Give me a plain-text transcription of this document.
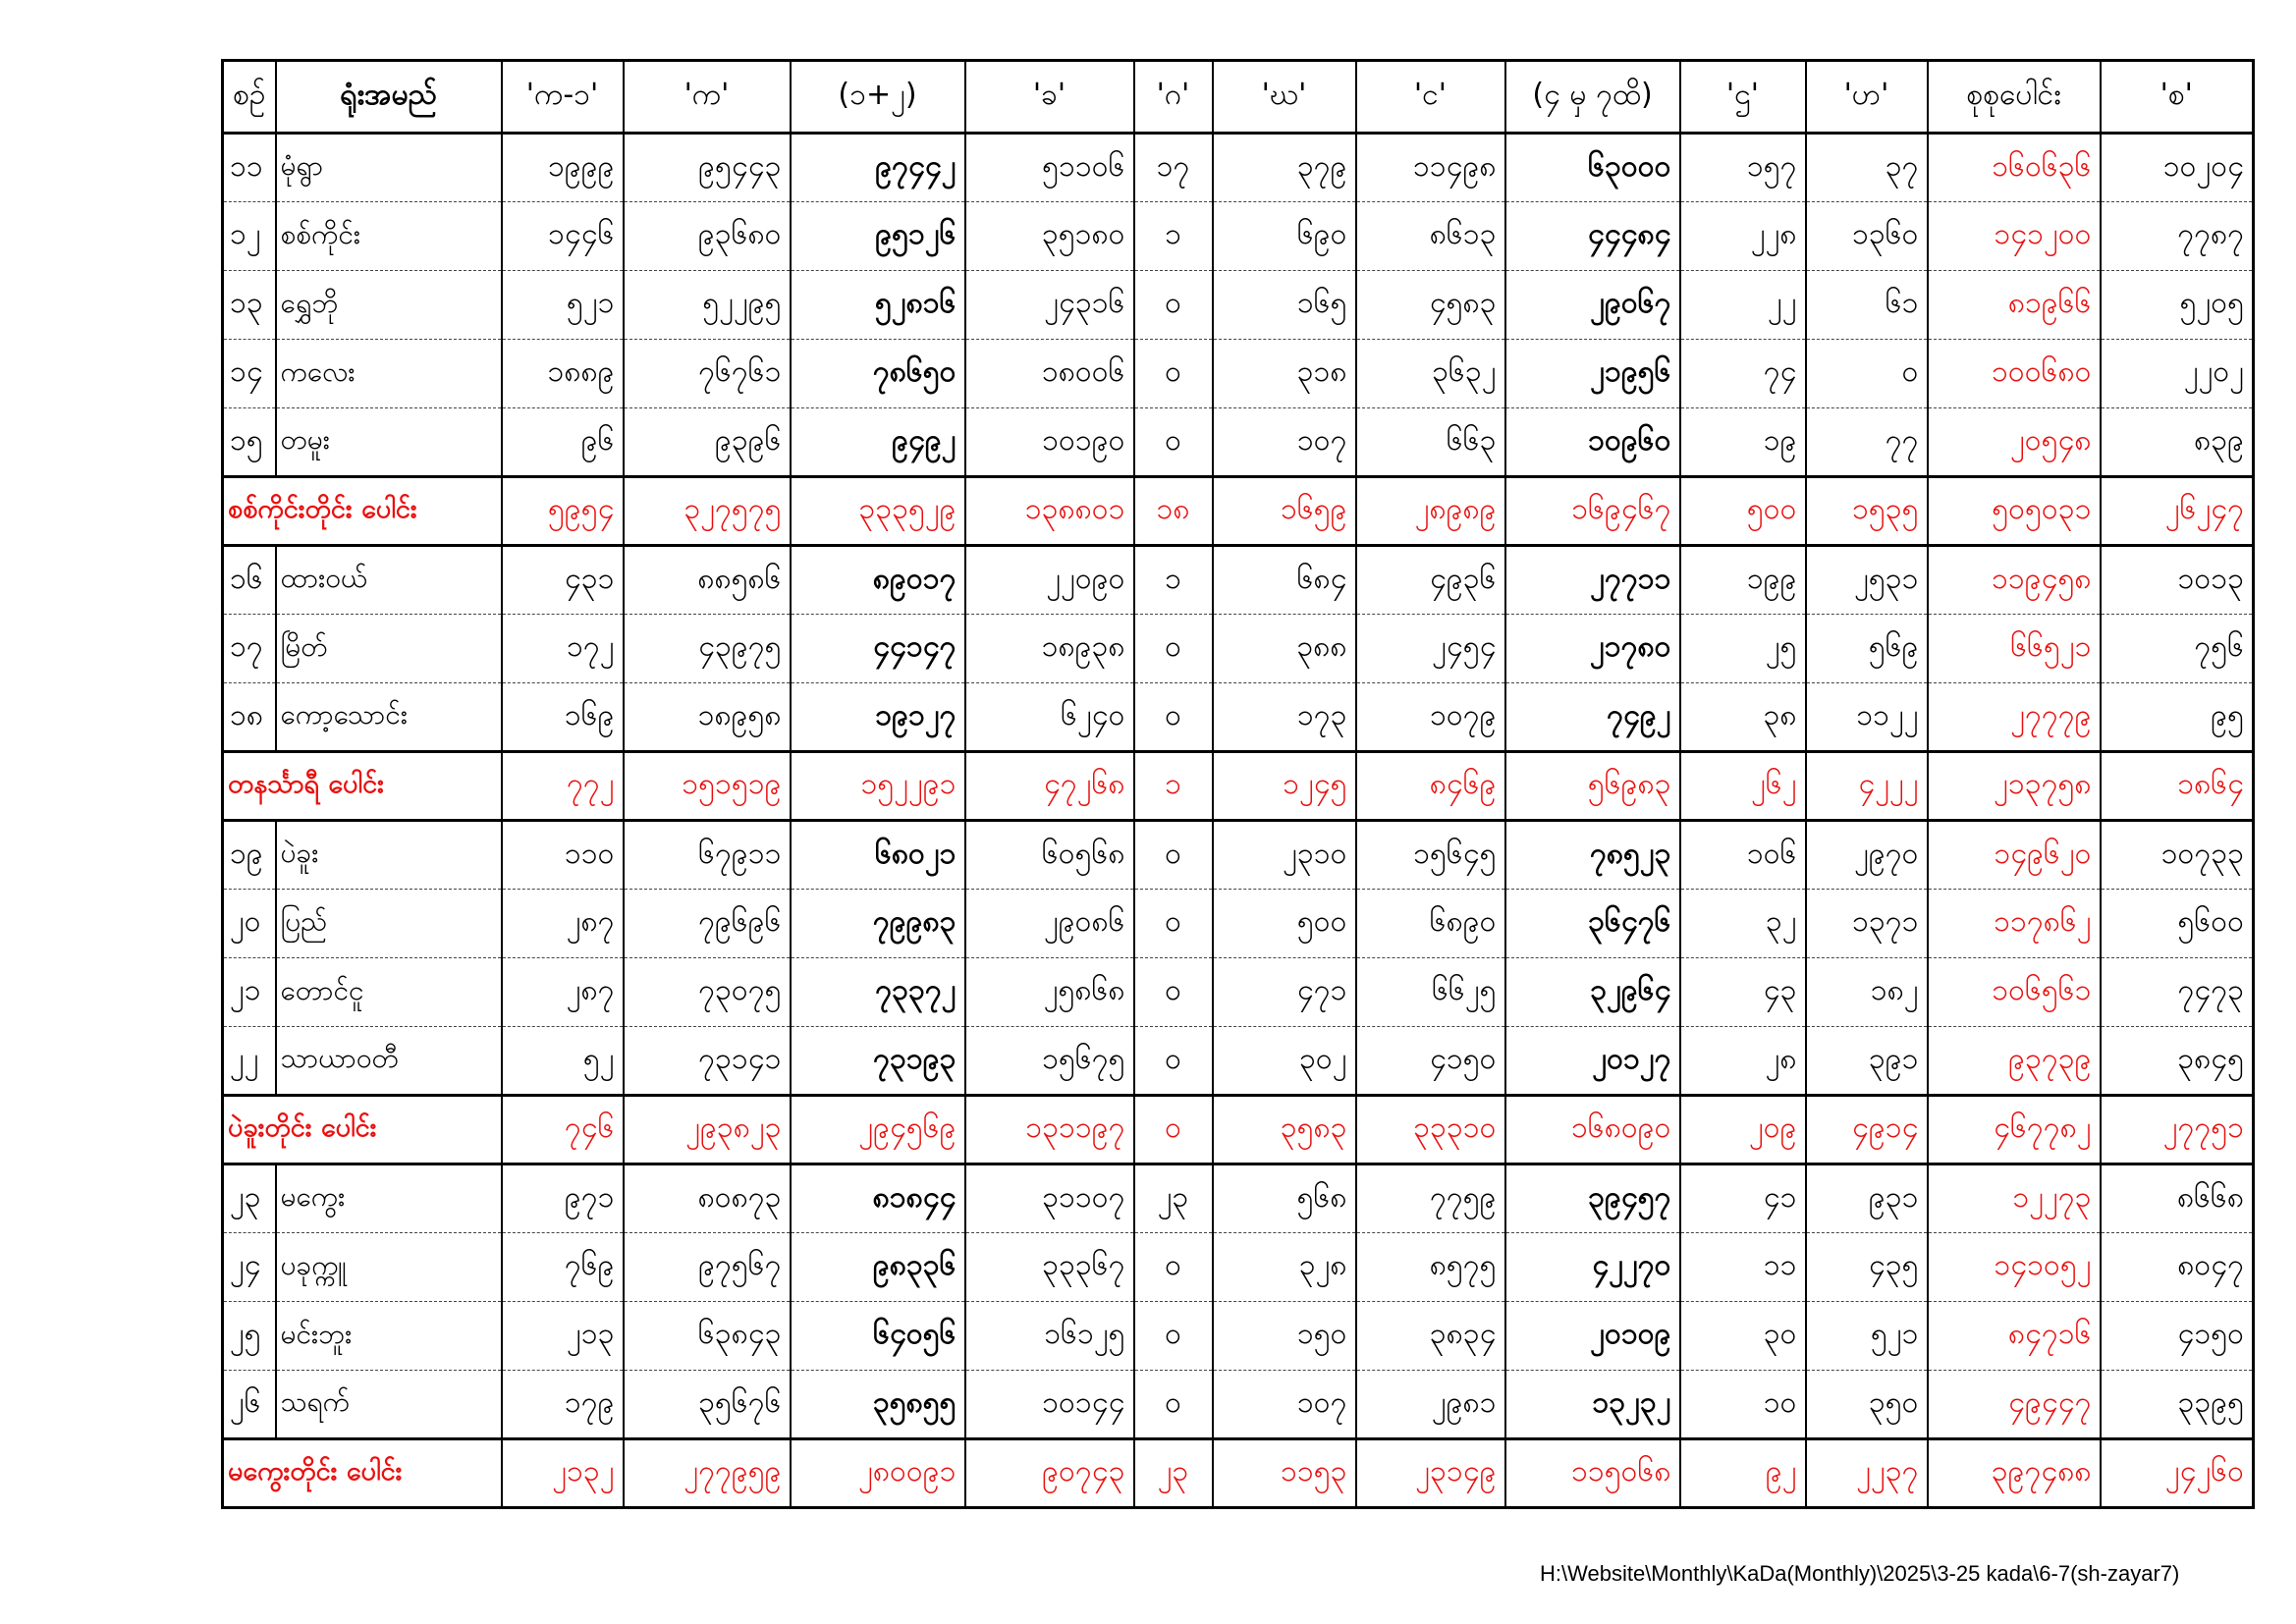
စဉ်	ရုံးအမည်	'က-၁'	'က'	(၁+၂)	'ခ'	'ဂ'	'ဃ'	'င'	(၄ မှ ၇ထိ)	'ဌ'	'ဟ'	စုစုပေါင်း	'စ'
၁၁	မုံရွာ	၁၉၉၉	၉၅၄၄၃	၉၇၄၄၂	၅၁၁၀၆	၁၇	၃၇၉	၁၁၄၉၈	၆၃၀၀၀	၁၅၇	၃၇	၁၆၀၆၃၆	၁၀၂၀၄
၁၂	စစ်ကိုင်း	၁၄၄၆	၉၃၆၈၀	၉၅၁၂၆	၃၅၁၈၀	၁	၆၉၀	၈၆၁၃	၄၄၄၈၄	၂၂၈	၁၃၆၀	၁၄၁၂၀၀	၇၇၈၇
၁၃	ရွှေဘို	၅၂၁	၅၂၂၉၅	၅၂၈၁၆	၂၄၃၁၆	၀	၁၆၅	၄၅၈၃	၂၉၀၆၇	၂၂	၆၁	၈၁၉၆၆	၅၂၀၅
၁၄	ကလေး	၁၈၈၉	၇၆၇၆၁	၇၈၆၅၀	၁၈၀၀၆	၀	၃၁၈	၃၆၃၂	၂၁၉၅၆	၇၄	၀	၁၀၀၆၈၀	၂၂၀၂
၁၅	တမူး	၉၆	၉၃၉၆	၉၄၉၂	၁၀၁၉၀	၀	၁၀၇	၆၆၃	၁၀၉၆၀	၁၉	၇၇	၂၀၅၄၈	၈၃၉
စစ်ကိုင်းတိုင်း ပေါင်း		၅၉၅၄	၃၂၇၅၇၅	၃၃၃၅၂၉	၁၃၈၈၀၁	၁၈	၁၆၅၉	၂၈၉၈၉	၁၆၉၄၆၇	၅၀၀	၁၅၃၅	၅၀၅၀၃၁	၂၆၂၄၇
၁၆	ထားဝယ်	၄၃၁	၈၈၅၈၆	၈၉၀၁၇	၂၂၀၉၀	၁	၆၈၄	၄၉၃၆	၂၇၇၁၁	၁၉၉	၂၅၃၁	၁၁၉၄၅၈	၁၀၁၃
၁၇	မြိတ်	၁၇၂	၄၃၉၇၅	၄၄၁၄၇	၁၈၉၃၈	၀	၃၈၈	၂၄၅၄	၂၁၇၈၀	၂၅	၅၆၉	၆၆၅၂၁	၇၅၆
၁၈	ကော့သောင်း	၁၆၉	၁၈၉၅၈	၁၉၁၂၇	၆၂၄၀	၀	၁၇၃	၁၀၇၉	၇၄၉၂	၃၈	၁၁၂၂	၂၇၇၇၉	၉၅
တနင်္သာရီ ပေါင်း		၇၇၂	၁၅၁၅၁၉	၁၅၂၂၉၁	၄၇၂၆၈	၁	၁၂၄၅	၈၄၆၉	၅၆၉၈၃	၂၆၂	၄၂၂၂	၂၁၃၇၅၈	၁၈၆၄
၁၉	ပဲခူး	၁၁၀	၆၇၉၁၁	၆၈၀၂၁	၆၀၅၆၈	၀	၂၃၁၀	၁၅၆၄၅	၇၈၅၂၃	၁၀၆	၂၉၇၀	၁၄၉၆၂၀	၁၀၇၃၃
၂၀	ပြည်	၂၈၇	၇၉၆၉၆	၇၉၉၈၃	၂၉၀၈၆	၀	၅၀၀	၆၈၉၀	၃၆၄၇၆	၃၂	၁၃၇၁	၁၁၇၈၆၂	၅၆၀၀
၂၁	တောင်ငူ	၂၈၇	၇၃၀၇၅	၇၃၃၇၂	၂၅၈၆၈	၀	၄၇၁	၆၆၂၅	၃၂၉၆၄	၄၃	၁၈၂	၁၀၆၅၆၁	၇၄၇၃
၂၂	သာယာဝတီ	၅၂	၇၃၁၄၁	၇၃၁၉၃	၁၅၆၇၅	၀	၃၀၂	၄၁၅၀	၂၀၁၂၇	၂၈	၃၉၁	၉၃၇၃၉	၃၈၄၅
ပဲခူးတိုင်း ပေါင်း		၇၄၆	၂၉၃၈၂၃	၂၉၄၅၆၉	၁၃၁၁၉၇	၀	၃၅၈၃	၃၃၃၁၀	၁၆၈၀၉၀	၂၀၉	၄၉၁၄	၄၆၇၇၈၂	၂၇၇၅၁
၂၃	မကွေး	၉၇၁	၈၀၈၇၃	၈၁၈၄၄	၃၁၁၀၇	၂၃	၅၆၈	၇၇၅၉	၃၉၄၅၇	၄၁	၉၃၁	၁၂၂၇၃	၈၆၆၈
၂၄	ပခုက္ကူ	၇၆၉	၉၇၅၆၇	၉၈၃၃၆	၃၃၃၆၇	၀	၃၂၈	၈၅၇၅	၄၂၂၇၀	၁၁	၄၃၅	၁၄၁၀၅၂	၈၀၄၇
၂၅	မင်းဘူး	၂၁၃	၆၃၈၄၃	၆၄၀၅၆	၁၆၁၂၅	၀	၁၅၀	၃၈၃၄	၂၀၁၀၉	၃၀	၅၂၁	၈၄၇၁၆	၄၁၅၀
၂၆	သရက်	၁၇၉	၃၅၆၇၆	၃၅၈၅၅	၁၀၁၄၄	၀	၁၀၇	၂၉၈၁	၁၃၂၃၂	၁၀	၃၅၀	၄၉၄၄၇	၃၃၉၅
မကွေးတိုင်း ပေါင်း		၂၁၃၂	၂၇၇၉၅၉	၂၈၀၀၉၁	၉၀၇၄၃	၂၃	၁၁၅၃	၂၃၁၄၉	၁၁၅၀၆၈	၉၂	၂၂၃၇	၃၉၇၄၈၈	၂၄၂၆၀
H:\Website\Monthly\KaDa(Monthly)\2025\3-25 kada\6-7(sh-zayar7)
